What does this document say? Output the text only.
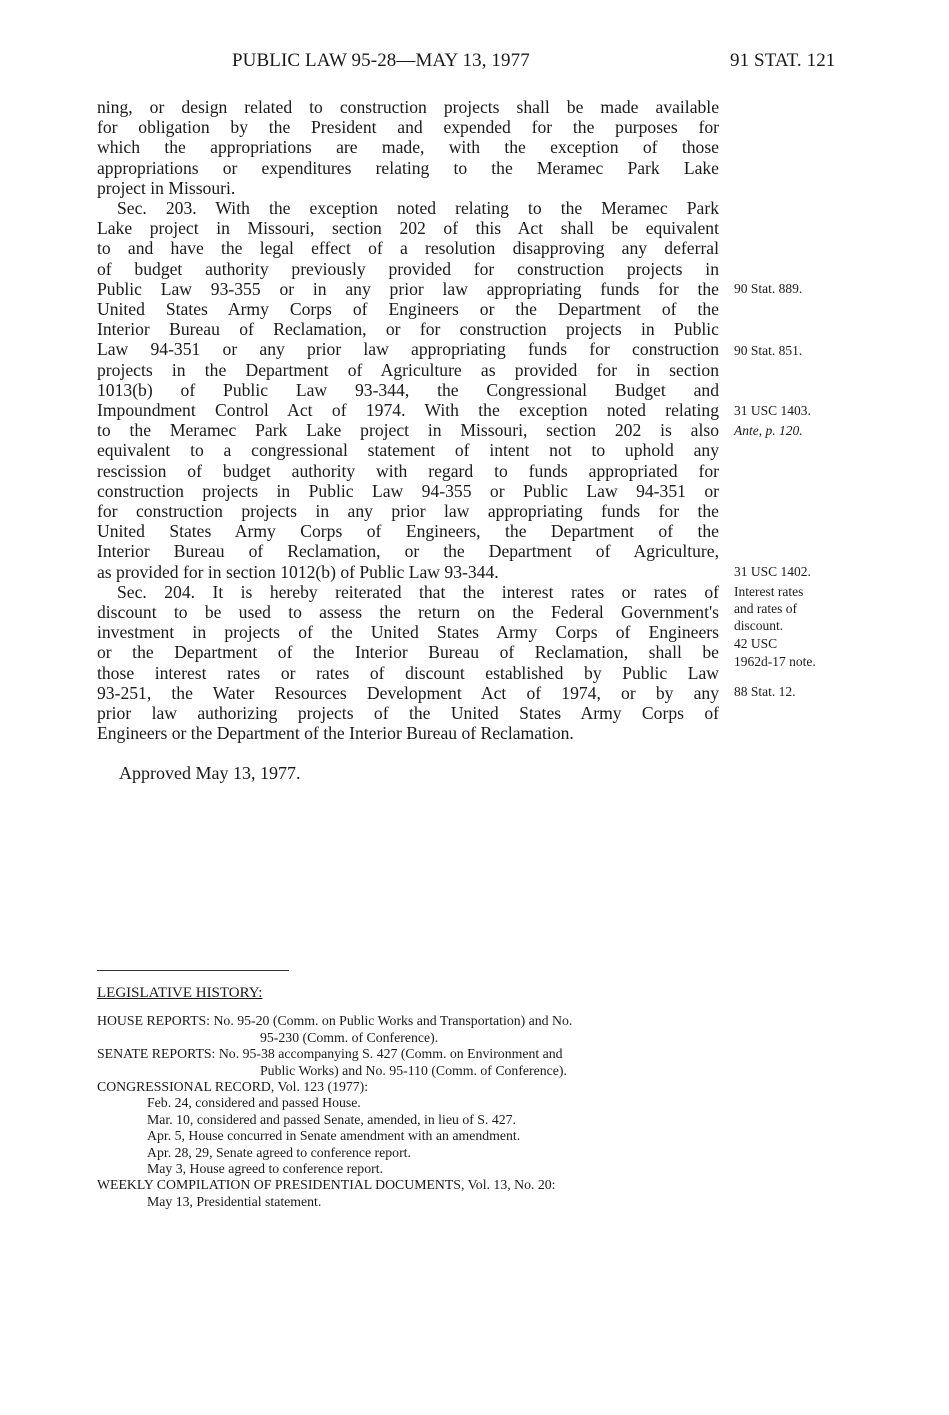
PUBLIC LAW 95-28—MAY 13, 1977	91 STAT. 121
ning, or design related to construction projects shall be made available
for obligation by the President and expended for the purposes for
which the appropriations are made, with the exception of those
appropriations or expenditures relating to the Meramec Park Lake
project in Missouri.
Sec. 203. With the exception noted relating to the Meramec Park
Lake project in Missouri, section 202 of this Act shall be equivalent
to and have the legal effect of a resolution disapproving any deferral
of budget authority previously provided for construction projects in
Public Law 93-355 or in any prior law appropriating funds for the
United States Army Corps of Engineers or the Department of the
Interior Bureau of Reclamation, or for construction projects in Public
Law 94-351 or any prior law appropriating funds for construction
projects in the Department of Agriculture as provided for in section
1013(b) of Public Law 93-344, the Congressional Budget and
Impoundment Control Act of 1974. With the exception noted relating
to the Meramec Park Lake project in Missouri, section 202 is also
equivalent to a congressional statement of intent not to uphold any
rescission of budget authority with regard to funds appropriated for
construction projects in Public Law 94-355 or Public Law 94-351 or
for construction projects in any prior law appropriating funds for the
United States Army Corps of Engineers, the Department of the
Interior Bureau of Reclamation, or the Department of Agriculture,
as provided for in section 1012(b) of Public Law 93-344.
Sec. 204. It is hereby reiterated that the interest rates or rates of
discount to be used to assess the return on the Federal Government's
investment in projects of the United States Army Corps of Engineers
or the Department of the Interior Bureau of Reclamation, shall be
those interest rates or rates of discount established by Public Law
93-251, the Water Resources Development Act of 1974, or by any
prior law authorizing projects of the United States Army Corps of
Engineers or the Department of the Interior Bureau of Reclamation.
Approved May 13, 1977.
90 Stat. 889.
90 Stat. 851.
31 USC 1403.
Ante, p. 120.
31 USC 1402.
Interest rates
and rates of
discount.
42 USC
1962d-17 note.
88 Stat. 12.
LEGISLATIVE HISTORY:
HOUSE REPORTS: No. 95-20 (Comm. on Public Works and Transportation) and No.
95-230 (Comm. of Conference).
SENATE REPORTS: No. 95-38 accompanying S. 427 (Comm. on Environment and
Public Works) and No. 95-110 (Comm. of Conference).
CONGRESSIONAL RECORD, Vol. 123 (1977):
Feb. 24, considered and passed House.
Mar. 10, considered and passed Senate, amended, in lieu of S. 427.
Apr. 5, House concurred in Senate amendment with an amendment.
Apr. 28, 29, Senate agreed to conference report.
May 3, House agreed to conference report.
WEEKLY COMPILATION OF PRESIDENTIAL DOCUMENTS, Vol. 13, No. 20:
May 13, Presidential statement.
